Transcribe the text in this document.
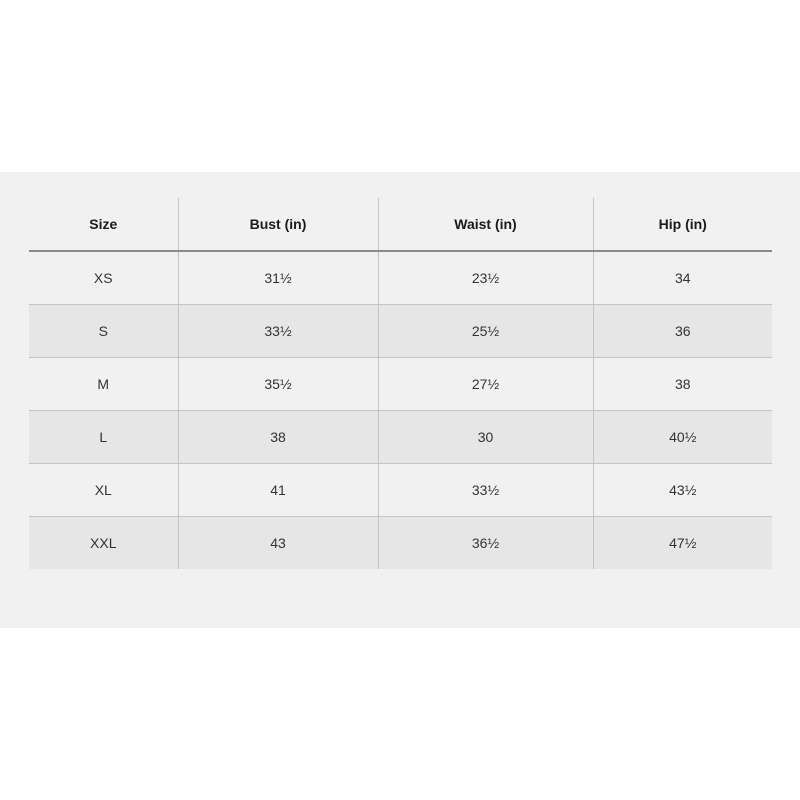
Size	Bust (in)	Waist (in)	Hip (in)
XS	31½	23½	34
S	33½	25½	36
M	35½	27½	38
L	38	30	40½
XL	41	33½	43½
XXL	43	36½	47½
